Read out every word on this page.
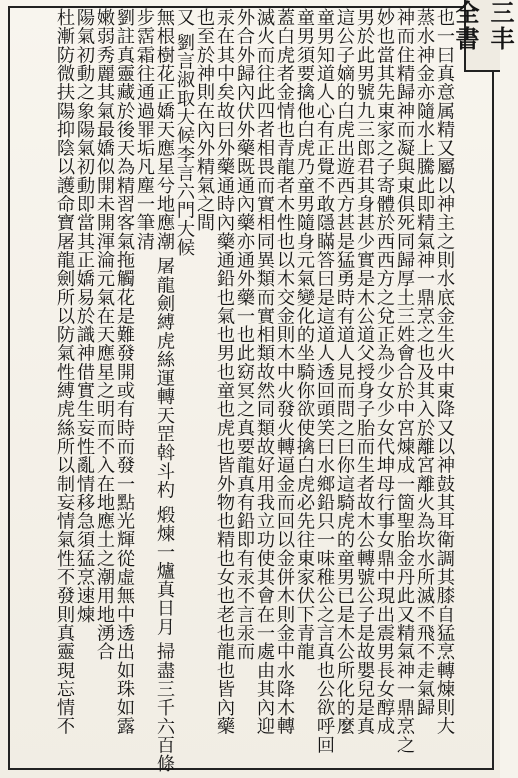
三丰全書
也一曰真意属精又屬以神主之則水底金生火中東降又以神鼓其耳衛調其膝自猛烹轉煉則大
蒸水神金亦隨水上騰此即精氣神一鼎烹之也及其入於離宮離火為坎水所滅不飛不走氣歸
神而住精歸神而凝與東俱死同歸厚土三姓會合於中宮煉成一箇聖胎金丹此又精氣神一鼎烹之
妙也當其先東家之子寄體於西西方之兌正為少女少女代坤母行事女鼎中現出震男長女醇成
男於此男號九三郎君其身甚少實是木公道父授身子胎而生者故木公轉號公子是故嬰兒是真
這公子嫡的白虎出遊西方甚是猛勇時有道人見而問之曰你這騎虎的童男已是木公所化的麼
童男知道人心有正覺不敢隱瞞答曰是這道人透回頭笑曰水鄉鉛只一味稚公之言真也公欲呼回
童男須要擒他白虎乃童男隨身元氣變化的坐騎你欲使擒白虎必先往東家伏下青龍
蓋白虎者金情也青龍者木性也以木交金則木中火發火轉逼金而回以金併木則金中水降木轉
滅火而往此四者相畏而實相同異類而實相類故然同類故好用我立功使其會在一處由其內迎
外合外歸內伏外藥既通內藥亦通外藥一也此窈冥之真要龍真有鉛即有汞不言汞而
汞在其中矣故曰外藥通時內藥通鉛也氣也男也童也虎也皆外物也精也女也老也龍也皆內藥
也至於神則在內外精氣之間
又 劉言淑取大候李言六門大候
無根樹花正嬌天應星兮地應潮 屠龍劍縛虎絲運轉天罡斡斗杓 煅煉一爐真日月 掃盡三千六百條
步霑霜往通過罪垢凡塵一筆清
劉註真靈藏於後天為精習客氣拖觸花是難發開或有時而發一點光輝從虛無中透出如珠如露
嫩弱秀麗其氣最嬌似開未開渾淪元氣在天應星之明而不入在地應土之潮用地湧合
陽氣初動之象陽氣初動即當其正嬌易於識神借實生妄性亂情移急須猛烹速煉
杜漸防微扶陽抑陰以護命寶屠龍劍所以防氣性縛虎絲所以制妄情氣性不發則真靈現忘情不
